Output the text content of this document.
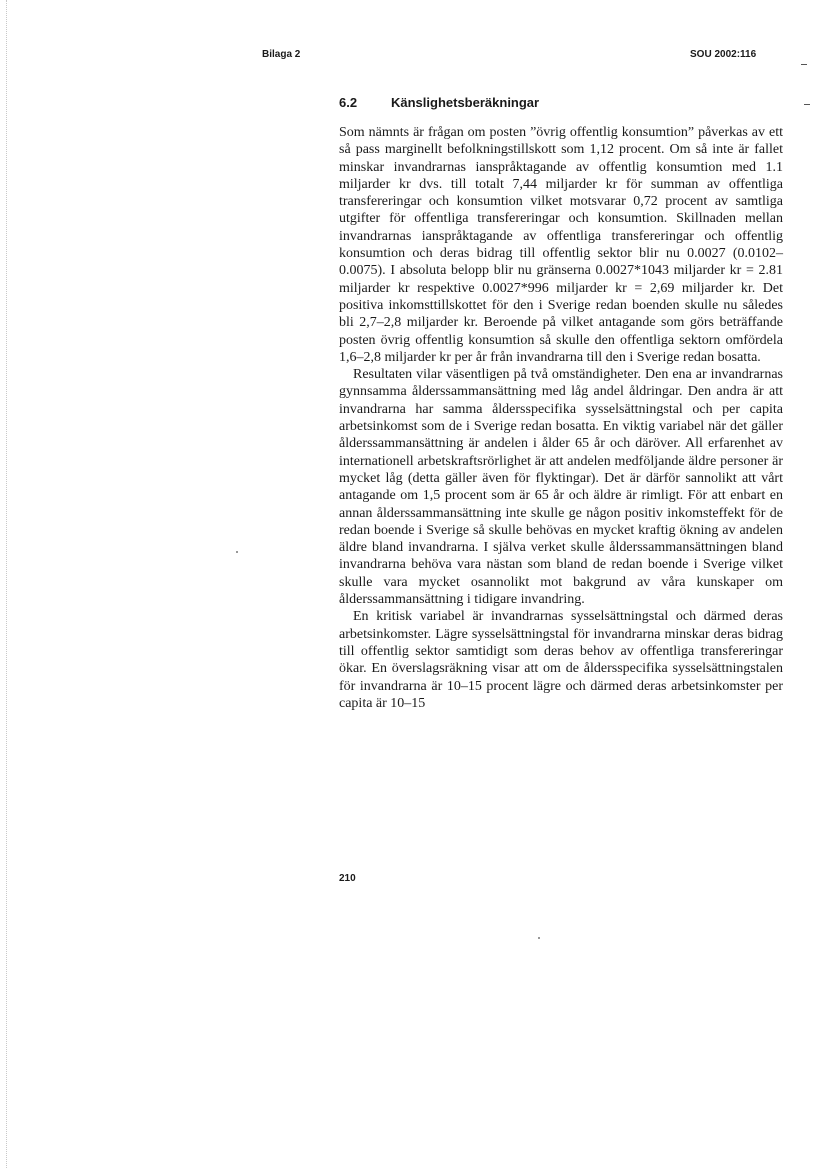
Bilaga 2	SOU 2002:116
6.2	Känslighetsberäkningar

Som nämnts är frågan om posten ”övrig offentlig konsumtion” påverkas av ett så pass marginellt befolkningstillskott som 1,12 procent. Om så inte är fallet minskar invandrarnas ianspråktagande av offentlig konsumtion med 1.1 miljarder kr dvs. till totalt 7,44 miljarder kr för summan av offentliga transfereringar och konsumtion vilket motsvarar 0,72 procent av samtliga utgifter för offentliga transfereringar och konsumtion. Skillnaden mellan invandrarnas ianspråktagande av offentliga transfereringar och offentlig konsumtion och deras bidrag till offentlig sektor blir nu 0.0027 (0.0102–0.0075). I absoluta belopp blir nu gränserna 0.0027*1043 miljarder kr = 2.81 miljarder kr respektive 0.0027*996 miljarder kr = 2,69 miljarder kr. Det positiva inkomsttillskottet för den i Sverige redan boenden skulle nu således bli 2,7–2,8 miljarder kr. Beroende på vilket antagande som görs beträffande posten övrig offentlig konsumtion så skulle den offentliga sektorn omfördela 1,6–2,8 miljarder kr per år från invandrarna till den i Sverige redan bosatta.

Resultaten vilar väsentligen på två omständigheter. Den ena ar invandrarnas gynnsamma ålderssammansättning med låg andel åldringar. Den andra är att invandrarna har samma åldersspecifika sysselsättningstal och per capita arbetsinkomst som de i Sverige redan bosatta. En viktig variabel när det gäller ålderssammansättning är andelen i ålder 65 år och däröver. All erfarenhet av internationell arbetskraftsrörlighet är att andelen medföljande äldre personer är mycket låg (detta gäller även för flyktingar). Det är därför sannolikt att vårt antagande om 1,5 procent som är 65 år och äldre är rimligt. För att enbart en annan ålderssammansättning inte skulle ge någon positiv inkomsteffekt för de redan boende i Sverige så skulle behövas en mycket kraftig ökning av andelen äldre bland invandrarna. I själva verket skulle ålderssammansättningen bland invandrarna behöva vara nästan som bland de redan boende i Sverige vilket skulle vara mycket osannolikt mot bakgrund av våra kunskaper om ålderssammansättning i tidigare invandring.

En kritisk variabel är invandrarnas sysselsättningstal och därmed deras arbetsinkomster. Lägre sysselsättningstal för invandrarna minskar deras bidrag till offentlig sektor samtidigt som deras behov av offentliga transfereringar ökar. En överslagsräkning visar att om de åldersspecifika sysselsättningstalen för invandrarna är 10–15 procent lägre och därmed deras arbetsinkomster per capita är 10–15

210
